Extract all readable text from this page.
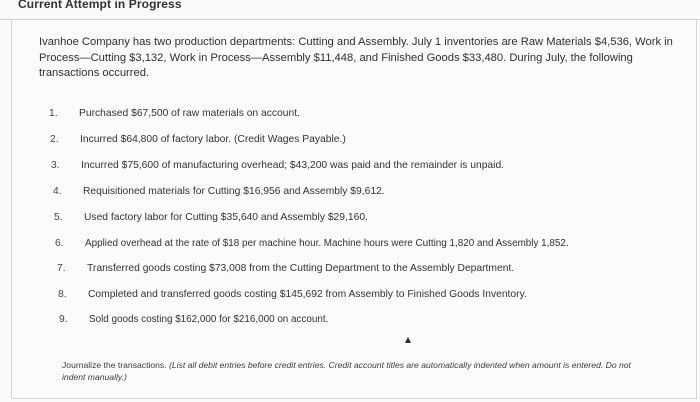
Current Attempt in Progress
Ivanhoe Company has two production departments: Cutting and Assembly. July 1 inventories are Raw Materials $4,536, Work in Process—Cutting $3,132, Work in Process—Assembly $11,448, and Finished Goods $33,480. During July, the following transactions occurred.
1.	Purchased $67,500 of raw materials on account.
2.	Incurred $64,800 of factory labor. (Credit Wages Payable.)
3.	Incurred $75,600 of manufacturing overhead; $43,200 was paid and the remainder is unpaid.
4.	Requisitioned materials for Cutting $16,956 and Assembly $9,612.
5.	Used factory labor for Cutting $35,640 and Assembly $29,160.
6.	Applied overhead at the rate of $18 per machine hour. Machine hours were Cutting 1,820 and Assembly 1,852.
7.	Transferred goods costing $73,008 from the Cutting Department to the Assembly Department.
8.	Completed and transferred goods costing $145,692 from Assembly to Finished Goods Inventory.
9.	Sold goods costing $162,000 for $216,000 on account.
Journalize the transactions. (List all debit entries before credit entries. Credit account titles are automatically indented when amount is entered. Do not indent manually.)
